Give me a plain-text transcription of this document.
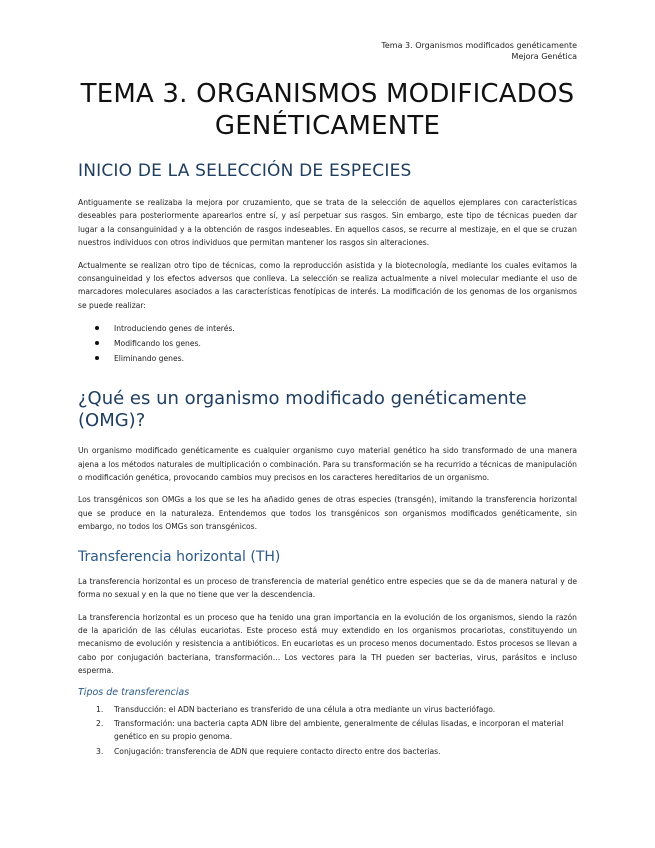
Tema 3. Organismos modificados genéticamente
Mejora Genética
TEMA 3. ORGANISMOS MODIFICADOS GENÉTICAMENTE
INICIO DE LA SELECCIÓN DE ESPECIES

Antiguamente se realizaba la mejora por cruzamiento, que se trata de la selección de aquellos ejemplares con características deseables para posteriormente aparearlos entre sí, y así perpetuar sus rasgos. Sin embargo, este tipo de técnicas pueden dar lugar a la consanguinidad y a la obtención de rasgos indeseables. En aquellos casos, se recurre al mestizaje, en el que se cruzan nuestros individuos con otros individuos que permitan mantener los rasgos sin alteraciones.

Actualmente se realizan otro tipo de técnicas, como la reproducción asistida y la biotecnología, mediante los cuales evitamos la consanguineidad y los efectos adversos que conlleva. La selección se realiza actualmente a nivel molecular mediante el uso de marcadores moleculares asociados a las características fenotípicas de interés. La modificación de los genomas de los organismos se puede realizar:

Introduciendo genes de interés.
Modificando los genes.
Eliminando genes.
¿Qué es un organismo modificado genéticamente (OMG)?

Un organismo modificado genéticamente es cualquier organismo cuyo material genético ha sido transformado de una manera ajena a los métodos naturales de multiplicación o combinación. Para su transformación se ha recurrido a técnicas de manipulación o modificación genética, provocando cambios muy precisos en los caracteres hereditarios de un organismo.

Los transgénicos son OMGs a los que se les ha añadido genes de otras especies (transgén), imitando la transferencia horizontal que se produce en la naturaleza. Entendemos que todos los transgénicos son organismos modificados genéticamente, sin embargo, no todos los OMGs son transgénicos.

Transferencia horizontal (TH)

La transferencia horizontal es un proceso de transferencia de material genético entre especies que se da de manera natural y de forma no sexual y en la que no tiene que ver la descendencia.

La transferencia horizontal es un proceso que ha tenido una gran importancia en la evolución de los organismos, siendo la razón de la aparición de las células eucariotas. Este proceso está muy extendido en los organismos procariotas, constituyendo un mecanismo de evolución y resistencia a antibióticos. En eucariotas es un proceso menos documentado. Estos procesos se llevan a cabo por conjugación bacteriana, transformación… Los vectores para la TH pueden ser bacterias, virus, parásitos e incluso esperma.

Tipos de transferencias
1. Transducción: el ADN bacteriano es transferido de una célula a otra mediante un virus bacteriófago.
2. Transformación: una bacteria capta ADN libre del ambiente, generalmente de células lisadas, e incorporan el material genético en su propio genoma.
3. Conjugación: transferencia de ADN que requiere contacto directo entre dos bacterias.
